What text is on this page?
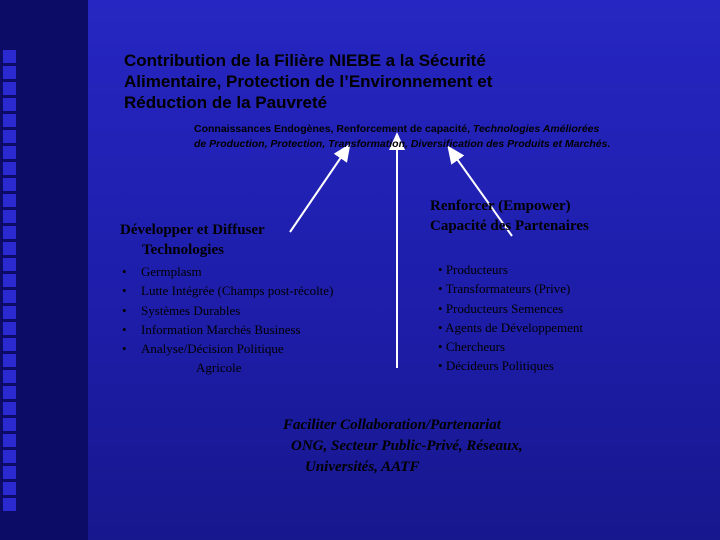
Contribution de la Filière NIEBE a la Sécurité
Alimentaire, Protection de l’Environnement et
Réduction de la Pauvreté

Connaissances Endogènes, Renforcement de capacité, Technologies Améliorées de Production, Protection, Transformation, Diversification des Produits et Marchés.

Développer et Diffuser
Technologies
• Germplasm
• Lutte Intégrée (Champs post-récolte)
• Systèmes Durables
• Information Marchés Business
• Analyse/Décision Politique
Agricole
Renforcer (Empower)
Capacité des Partenaires
• Producteurs
• Transformateurs (Prive)
• Producteurs Semences
• Agents de Développement
• Chercheurs
• Décideurs Politiques
Faciliter Collaboration/Partenariat
ONG, Secteur Public-Privé, Réseaux,
Universités, AATF
